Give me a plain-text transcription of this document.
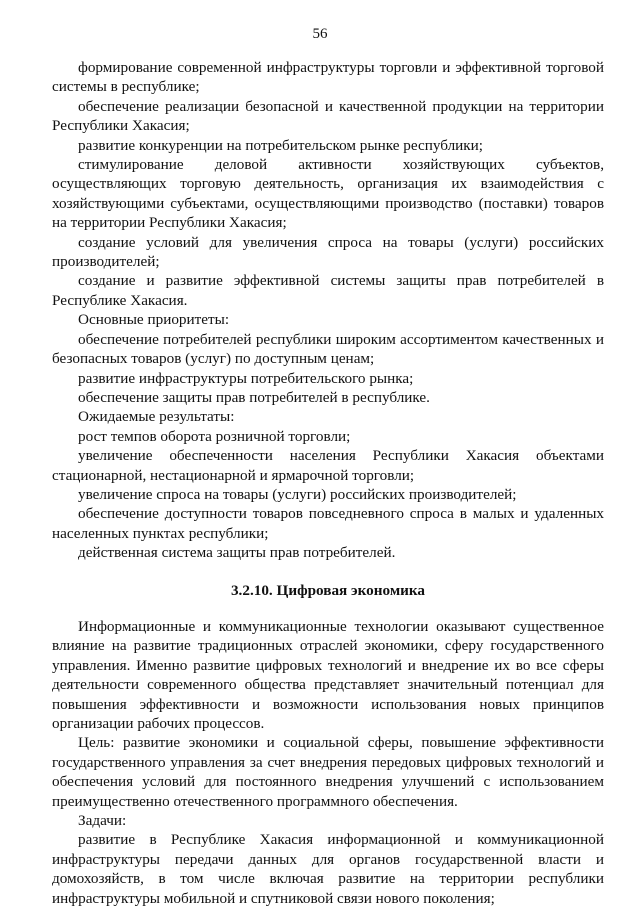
56

формирование современной инфраструктуры торговли и эффективной торговой системы в республике;

обеспечение реализации безопасной и качественной продукции на территории Республики Хакасия;

развитие конкуренции на потребительском рынке республики;

стимулирование деловой активности хозяйствующих субъектов, осуществляющих торговую деятельность, организация их взаимодействия с хозяйствующими субъектами, осуществляющими производство (поставки) товаров на территории Республики Хакасия;

создание условий для увеличения спроса на товары (услуги) российских производителей;

создание и развитие эффективной системы защиты прав потребителей в Республике Хакасия.

Основные приоритеты:

обеспечение потребителей республики широким ассортиментом качественных и безопасных товаров (услуг) по доступным ценам;

развитие инфраструктуры потребительского рынка;

обеспечение защиты прав потребителей в республике.

Ожидаемые результаты:

рост темпов оборота розничной торговли;

увеличение обеспеченности населения Республики Хакасия объектами стационарной, нестационарной и ярмарочной торговли;

увеличение спроса на товары (услуги) российских производителей;

обеспечение доступности товаров повседневного спроса в малых и удаленных населенных пунктах республики;

действенная система защиты прав потребителей.

3.2.10. Цифровая экономика

Информационные и коммуникационные технологии оказывают существенное влияние на развитие традиционных отраслей экономики, сферу государственного управления. Именно развитие цифровых технологий и внедрение их во все сферы деятельности современного общества представляет значительный потенциал для повышения эффективности и возможности использования новых принципов организации рабочих процессов.

Цель: развитие экономики и социальной сферы, повышение эффективности государственного управления за счет внедрения передовых цифровых технологий и обеспечения условий для постоянного внедрения улучшений с использованием преимущественно отечественного программного обеспечения.

Задачи:

развитие в Республике Хакасия информационной и коммуникационной инфраструктуры передачи данных для органов государственной власти и домохозяйств, в том числе включая развитие на территории республики инфраструктуры мобильной и спутниковой связи нового поколения;
